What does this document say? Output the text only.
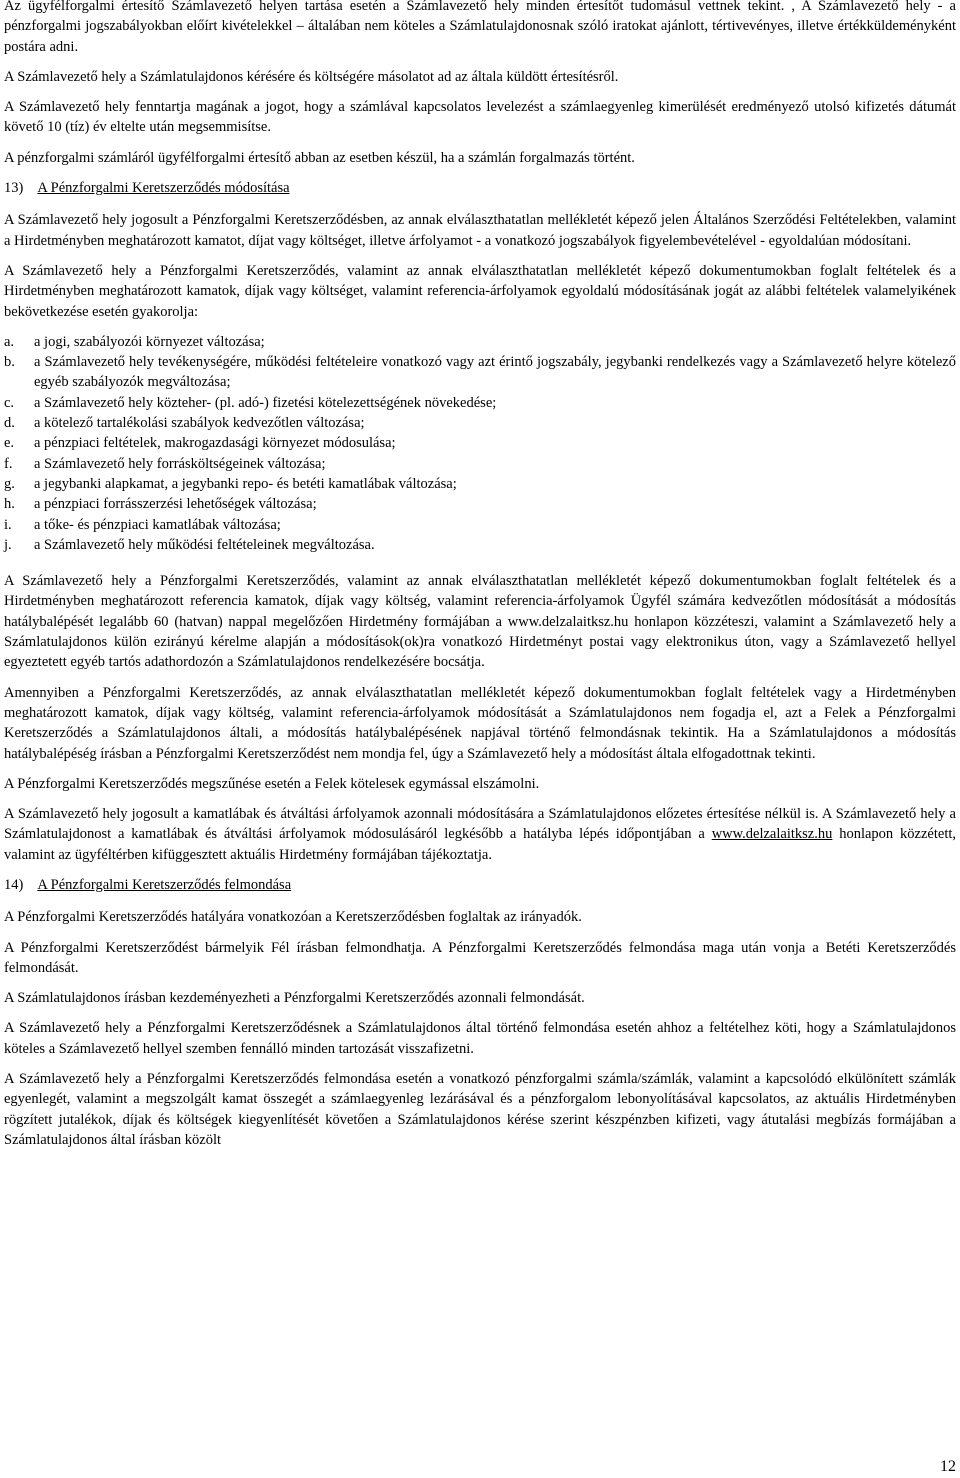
Az ügyfélforgalmi értesítő Számlavezető helyen tartása esetén a Számlavezető hely minden értesítőt tudomásul vettnek tekint. , A Számlavezető hely - a pénzforgalmi jogszabályokban előírt kivételekkel – általában nem köteles a Számlatulajdonosnak szóló iratokat ajánlott, tértivevényes, illetve értékküldeményként postára adni.

A Számlavezető hely a Számlatulajdonos kérésére és költségére másolatot ad az általa küldött értesítésről.

A Számlavezető hely fenntartja magának a jogot, hogy a számlával kapcsolatos levelezést a számlaegyenleg kimerülését eredményező utolsó kifizetés dátumát követő 10 (tíz) év eltelte után megsemmisítse.

A pénzforgalmi számláról ügyfélforgalmi értesítő abban az esetben készül, ha a számlán forgalmazás történt.

13) A Pénzforgalmi Keretszerződés módosítása

A Számlavezető hely jogosult a Pénzforgalmi Keretszerződésben, az annak elválaszthatatlan mellékletét képező jelen Általános Szerződési Feltételekben, valamint a Hirdetményben meghatározott kamatot, díjat vagy költséget, illetve árfolyamot - a vonatkozó jogszabályok figyelembevételével - egyoldalúan módosítani.

A Számlavezető hely a Pénzforgalmi Keretszerződés, valamint az annak elválaszthatatlan mellékletét képező dokumentumokban foglalt feltételek és a Hirdetményben meghatározott kamatok, díjak vagy költséget, valamint referencia-árfolyamok egyoldalú módosításának jogát az alábbi feltételek valamelyikének bekövetkezése esetén gyakorolja:

a.	a jogi, szabályozói környezet változása;
b.	a Számlavezető hely tevékenységére, működési feltételeire vonatkozó vagy azt érintő jogszabály, jegybanki rendelkezés vagy a Számlavezető helyre kötelező egyéb szabályozók megváltozása;
c.	a Számlavezető hely közteher- (pl. adó-) fizetési kötelezettségének növekedése;
d.	a kötelező tartalékolási szabályok kedvezőtlen változása;
e.	a pénzpiaci feltételek, makrogazdasági környezet módosulása;
f.	a Számlavezető hely forrásköltségeinek változása;
g.	a jegybanki alapkamat, a jegybanki repo- és betéti kamatlábak változása;
h.	a pénzpiaci forrásszerzési lehetőségek változása;
i.	a tőke- és pénzpiaci kamatlábak változása;
j.	a Számlavezető hely működési feltételeinek megváltozása.

A Számlavezető hely a Pénzforgalmi Keretszerződés, valamint az annak elválaszthatatlan mellékletét képező dokumentumokban foglalt feltételek és a Hirdetményben meghatározott referencia kamatok, díjak vagy költség, valamint referencia-árfolyamok Ügyfél számára kedvezőtlen módosítását a módosítás hatálybalépését legalább 60 (hatvan) nappal megelőzően Hirdetmény formájában a www.delzalaitksz.hu honlapon közzéteszi, valamint a Számlavezető hely a Számlatulajdonos külön ezirányú kérelme alapján a módosítások(ok)ra vonatkozó Hirdetményt postai vagy elektronikus úton, vagy a Számlavezető hellyel egyeztetett egyéb tartós adathordozón a Számlatulajdonos rendelkezésére bocsátja.

Amennyiben a Pénzforgalmi Keretszerződés, az annak elválaszthatatlan mellékletét képező dokumentumokban foglalt feltételek vagy a Hirdetményben meghatározott kamatok, díjak vagy költség, valamint referencia-árfolyamok módosítását a Számlatulajdonos nem fogadja el, azt a Felek a Pénzforgalmi Keretszerződés a Számlatulajdonos általi, a módosítás hatálybalépésének napjával történő felmondásnak tekintik. Ha a Számlatulajdonos a módosítás hatálybalépéség írásban a Pénzforgalmi Keretszerződést nem mondja fel, úgy a Számlavezető hely a módosítást általa elfogadottnak tekinti.

A Pénzforgalmi Keretszerződés megszűnése esetén a Felek kötelesek egymással elszámolni.

A Számlavezető hely jogosult a kamatlábak és átváltási árfolyamok azonnali módosítására a Számlatulajdonos előzetes értesítése nélkül is. A Számlavezető hely a Számlatulajdonost a kamatlábak és átváltási árfolyamok módosulásáról legkésőbb a hatályba lépés időpontjában a www.delzalaitksz.hu honlapon közzétett, valamint az ügyféltérben kifüggesztett aktuális Hirdetmény formájában tájékoztatja.

14) A Pénzforgalmi Keretszerződés felmondása

A Pénzforgalmi Keretszerződés hatályára vonatkozóan a Keretszerződésben foglaltak az irányadók.

A Pénzforgalmi Keretszerződést bármelyik Fél írásban felmondhatja. A Pénzforgalmi Keretszerződés felmondása maga után vonja a Betéti Keretszerződés felmondását.

A Számlatulajdonos írásban kezdeményezheti a Pénzforgalmi Keretszerződés azonnali felmondását.

A Számlavezető hely a Pénzforgalmi Keretszerződésnek a Számlatulajdonos által történő felmondása esetén ahhoz a feltételhez köti, hogy a Számlatulajdonos köteles a Számlavezető hellyel szemben fennálló minden tartozását visszafizetni.

A Számlavezető hely a Pénzforgalmi Keretszerződés felmondása esetén a vonatkozó pénzforgalmi számla/számlák, valamint a kapcsolódó elkülönített számlák egyenlegét, valamint a megszolgált kamat összegét a számlaegyenleg lezárásával és a pénzforgalom lebonyolításával kapcsolatos, az aktuális Hirdetményben rögzített jutalékok, díjak és költségek kiegyenlítését követően a Számlatulajdonos kérése szerint készpénzben kifizeti, vagy átutalási megbízás formájában a Számlatulajdonos által írásban közölt

12
